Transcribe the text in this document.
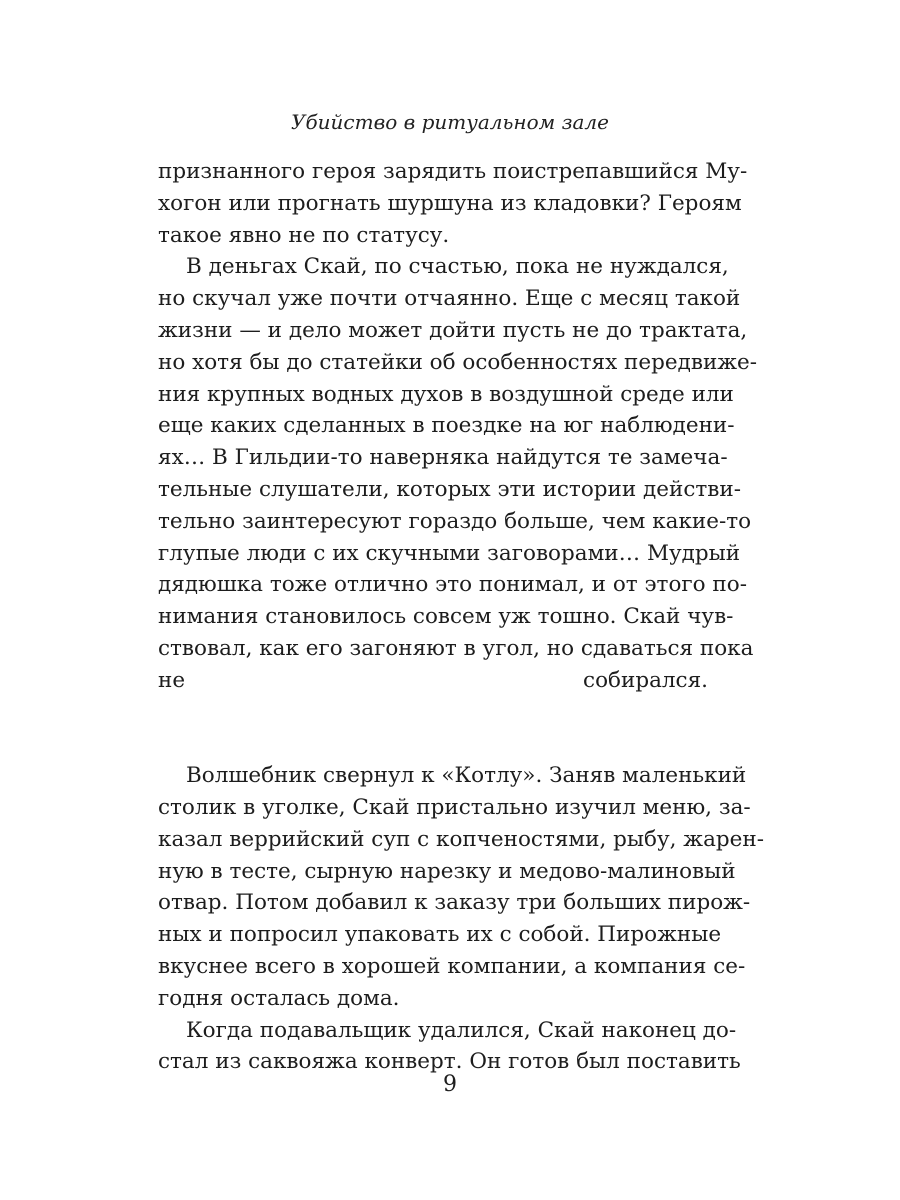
Убийство в ритуальном зале
признанного героя зарядить поистрепавшийся Му-
хогон или прогнать шуршуна из кладовки? Героям
такое явно не по статусу.
В деньгах Скай, по счастью, пока не нуждался,
но скучал уже почти отчаянно. Еще с месяц такой
жизни — и дело может дойти пусть не до трактата,
но хотя бы до статейки об особенностях передвиже-
ния крупных водных духов в воздушной среде или
еще каких сделанных в поездке на юг наблюдени-
ях… В Гильдии-то наверняка найдутся те замеча-
тельные слушатели, которых эти истории действи-
тельно заинтересуют гораздо больше, чем какие-то
глупые люди с их скучными заговорами… Мудрый
дядюшка тоже отлично это понимал, и от этого по-
нимания становилось совсем уж тошно. Скай чув-
ствовал, как его загоняют в угол, но сдаваться пока
не собирался.
Волшебник свернул к «Котлу». Заняв маленький
столик в уголке, Скай пристально изучил меню, за-
казал веррийский суп с копченостями, рыбу, жарен-
ную в тесте, сырную нарезку и медово-малиновый
отвар. Потом добавил к заказу три больших пирож-
ных и попросил упаковать их с собой. Пирожные
вкуснее всего в хорошей компании, а компания се-
годня осталась дома.
Когда подавальщик удалился, Скай наконец до-
стал из саквояжа конверт. Он готов был поставить
9
